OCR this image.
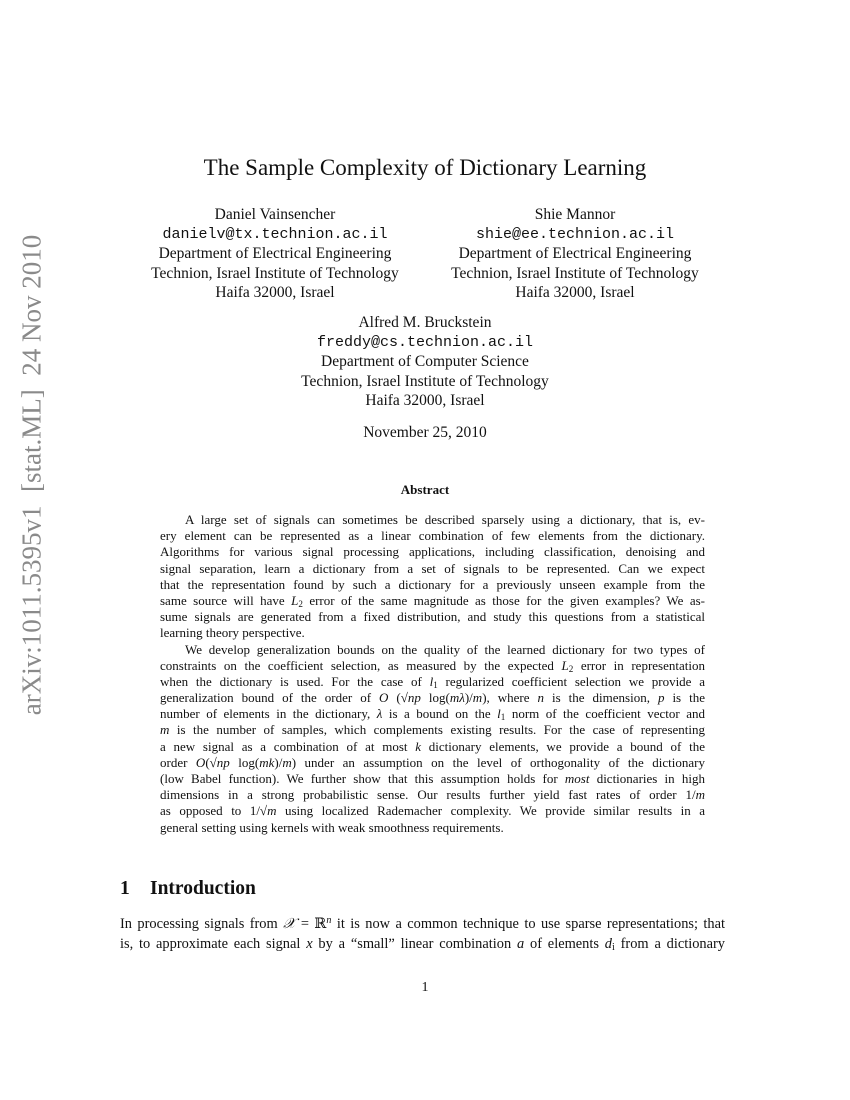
arXiv:1011.5395v1  [stat.ML]  24 Nov 2010
The Sample Complexity of Dictionary Learning
Daniel Vainsencher
danielv@tx.technion.ac.il
Department of Electrical Engineering
Technion, Israel Institute of Technology
Haifa 32000, Israel
Shie Mannor
shie@ee.technion.ac.il
Department of Electrical Engineering
Technion, Israel Institute of Technology
Haifa 32000, Israel
Alfred M. Bruckstein
freddy@cs.technion.ac.il
Department of Computer Science
Technion, Israel Institute of Technology
Haifa 32000, Israel
November 25, 2010
Abstract
A large set of signals can sometimes be described sparsely using a dictionary, that is, ev-
ery element can be represented as a linear combination of few elements from the dictionary.
Algorithms for various signal processing applications, including classification, denoising and
signal separation, learn a dictionary from a set of signals to be represented. Can we expect
that the representation found by such a dictionary for a previously unseen example from the
same source will have $L_2$ error of the same magnitude as those for the given examples? We as-
sume signals are generated from a fixed distribution, and study this questions from a statistical
learning theory perspective.
We develop generalization bounds on the quality of the learned dictionary for two types of
constraints on the coefficient selection, as measured by the expected $L_2$ error in representation
when the dictionary is used. For the case of $l_1$ regularized coefficient selection we provide a
generalization bound of the order of O (√np log(mλ)/m), where n is the dimension, p is the
number of elements in the dictionary, λ is a bound on the $l_1$ norm of the coefficient vector and
m is the number of samples, which complements existing results. For the case of representing
a new signal as a combination of at most k dictionary elements, we provide a bound of the
order O(√np log(mk)/m) under an assumption on the level of orthogonality of the dictionary
(low Babel function). We further show that this assumption holds for most dictionaries in high
dimensions in a strong probabilistic sense. Our results further yield fast rates of order 1/m
as opposed to 1/√m using localized Rademacher complexity. We provide similar results in a
general setting using kernels with weak smoothness requirements.
1 Introduction
In processing signals from 𝒳 = ℝ$^n$ it is now a common technique to use sparse representations; that
is, to approximate each signal x by a “small” linear combination a of elements $d_i$ from a dictionary
1
